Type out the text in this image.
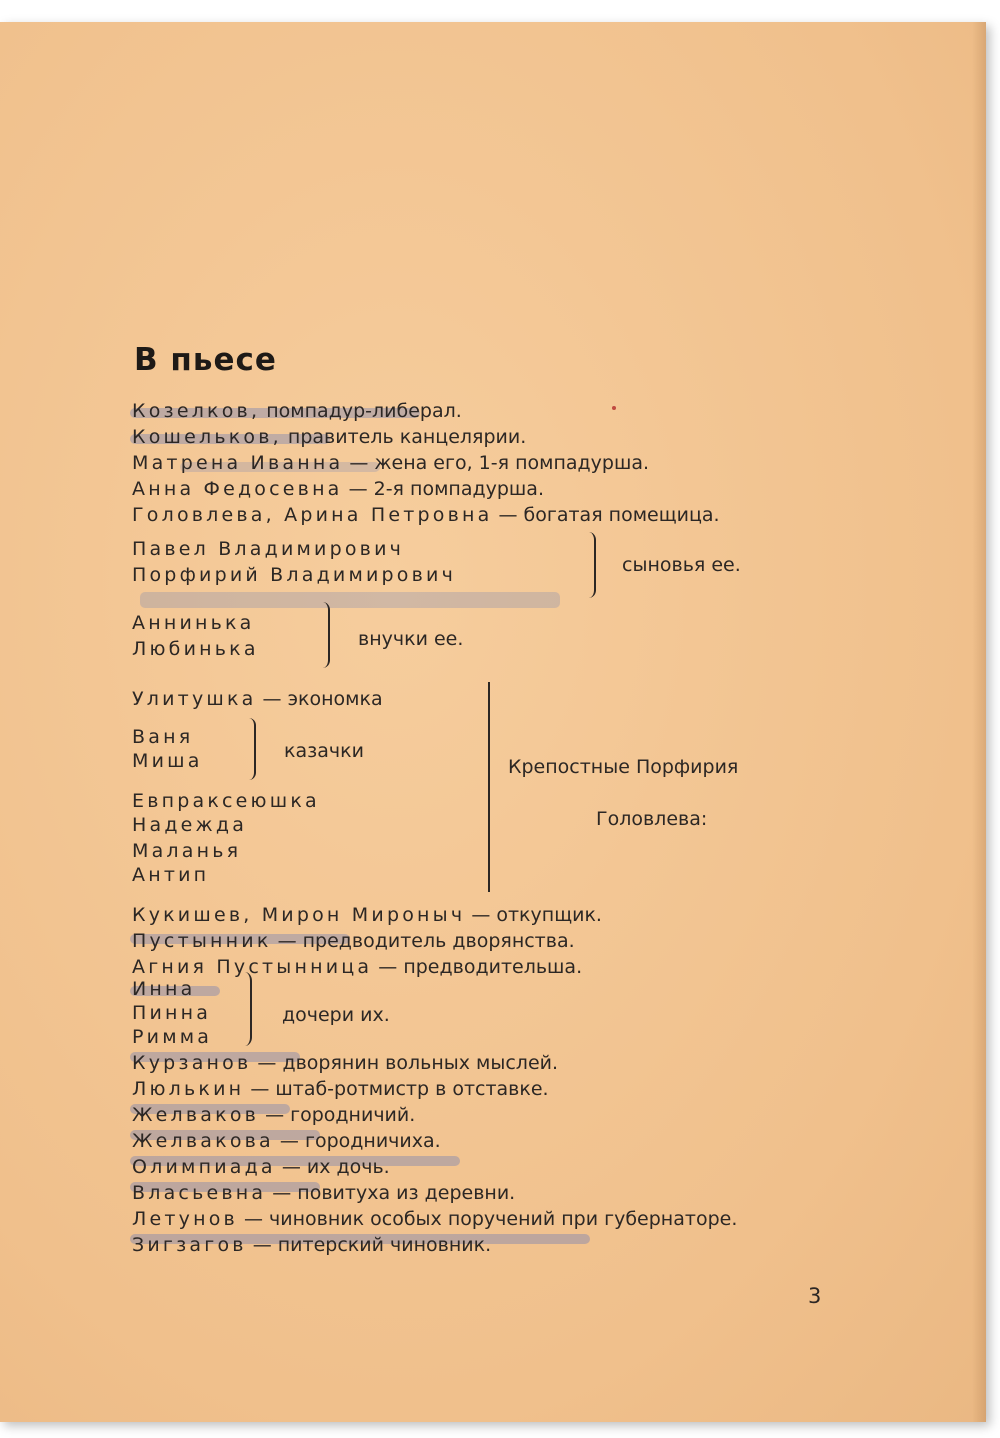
В пьесе
Козелков, помпадур-либерал.
Кошельков, правитель канцелярии.
Матрена Иванна — жена его, 1-я помпадурша.
Анна Федосевна — 2-я помпадурша.
Головлева, Арина Петровна — богатая помещица.
Павел Владимирович
Порфирий Владимирович	сыновья ее.
Аннинька
Любинька	внучки ее.
Улитушка — экономка
Ваня
Миша	казачки
Евпраксеюшка
Надежда
Маланья
Антип
Крепостные Порфирия
Головлева:
Кукишев, Мирон Мироныч — откупщик.
Пустынник — предводитель дворянства.
Агния Пустынница — предводительша.
Инна
Пинна
Римма
дочери их.
Курзанов — дворянин вольных мыслей.
Люлькин — штаб-ротмистр в отставке.
Желваков — городничий.
Желвакова — городничиха.
Олимпиада — их дочь.
Власьевна — повитуха из деревни.
Летунов — чиновник особых поручений при губернаторе.
Зигзагов — питерский чиновник.
3
